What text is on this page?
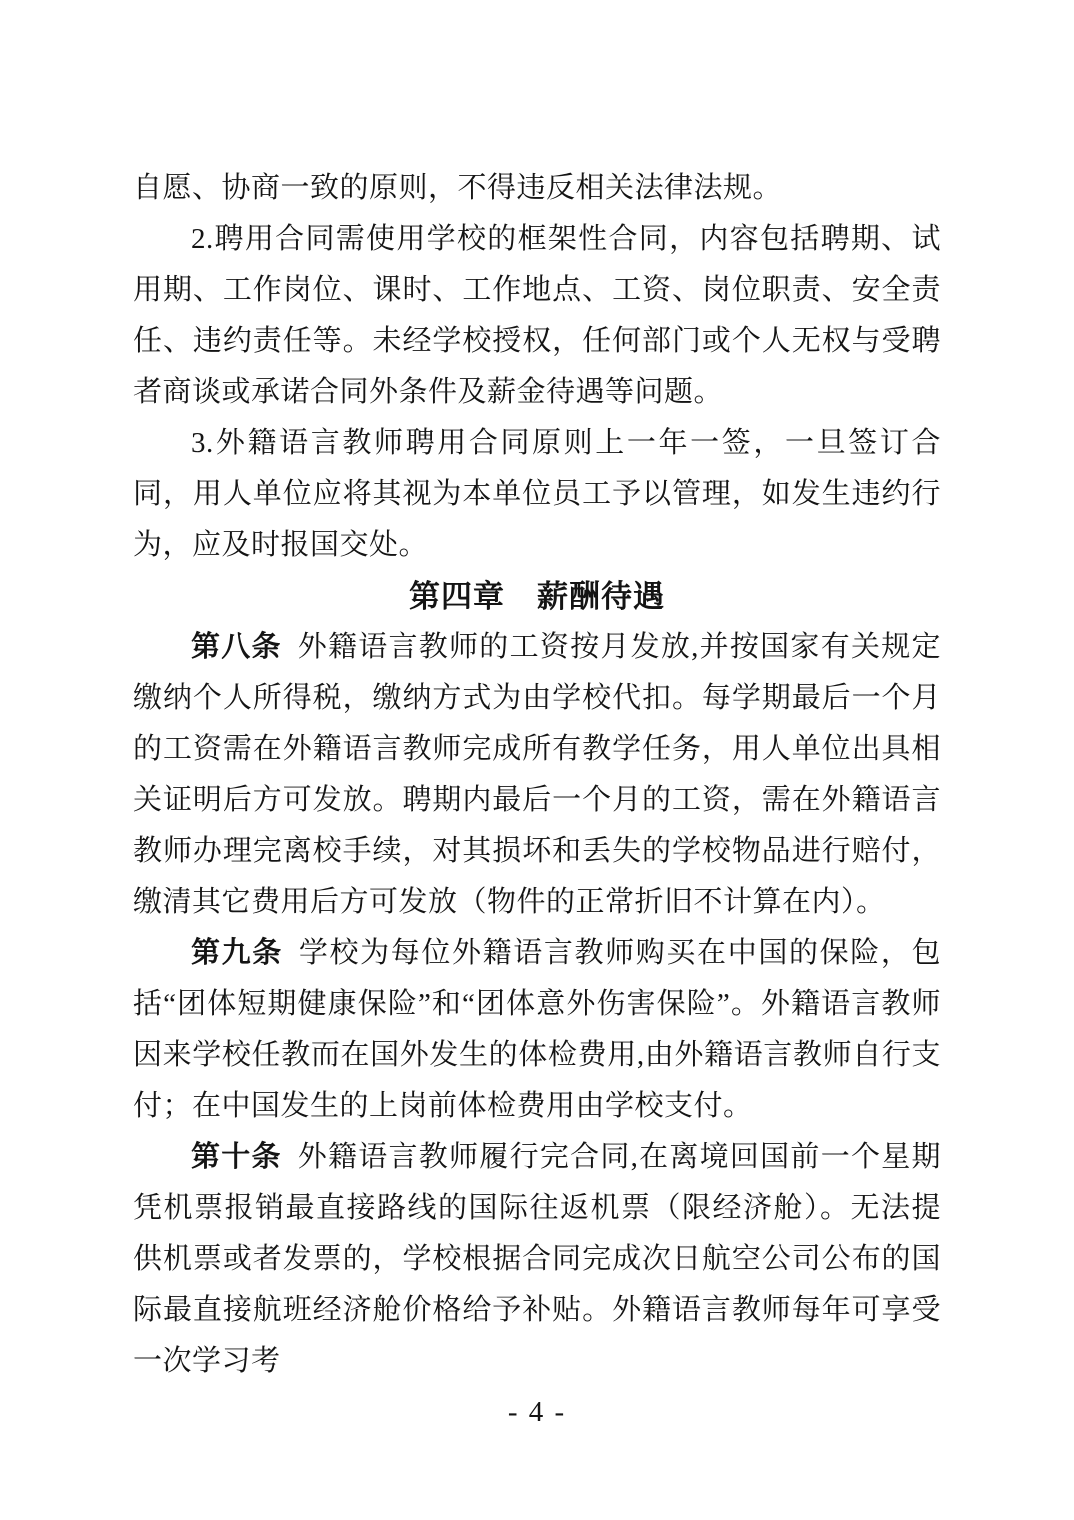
自愿、协商一致的原则，不得违反相关法律法规。

2.聘用合同需使用学校的框架性合同，内容包括聘期、试用期、工作岗位、课时、工作地点、工资、岗位职责、安全责任、违约责任等。未经学校授权，任何部门或个人无权与受聘者商谈或承诺合同外条件及薪金待遇等问题。

3.外籍语言教师聘用合同原则上一年一签，一旦签订合同，用人单位应将其视为本单位员工予以管理，如发生违约行为，应及时报国交处。

第四章　薪酬待遇

第八条 外籍语言教师的工资按月发放,并按国家有关规定缴纳个人所得税，缴纳方式为由学校代扣。每学期最后一个月的工资需在外籍语言教师完成所有教学任务，用人单位出具相关证明后方可发放。聘期内最后一个月的工资，需在外籍语言教师办理完离校手续，对其损坏和丢失的学校物品进行赔付，缴清其它费用后方可发放（物件的正常折旧不计算在内）。

第九条 学校为每位外籍语言教师购买在中国的保险，包括“团体短期健康保险”和“团体意外伤害保险”。外籍语言教师因来学校任教而在国外发生的体检费用,由外籍语言教师自行支付；在中国发生的上岗前体检费用由学校支付。

第十条 外籍语言教师履行完合同,在离境回国前一个星期凭机票报销最直接路线的国际往返机票（限经济舱）。无法提供机票或者发票的，学校根据合同完成次日航空公司公布的国际最直接航班经济舱价格给予补贴。外籍语言教师每年可享受一次学习考

- 4 -
